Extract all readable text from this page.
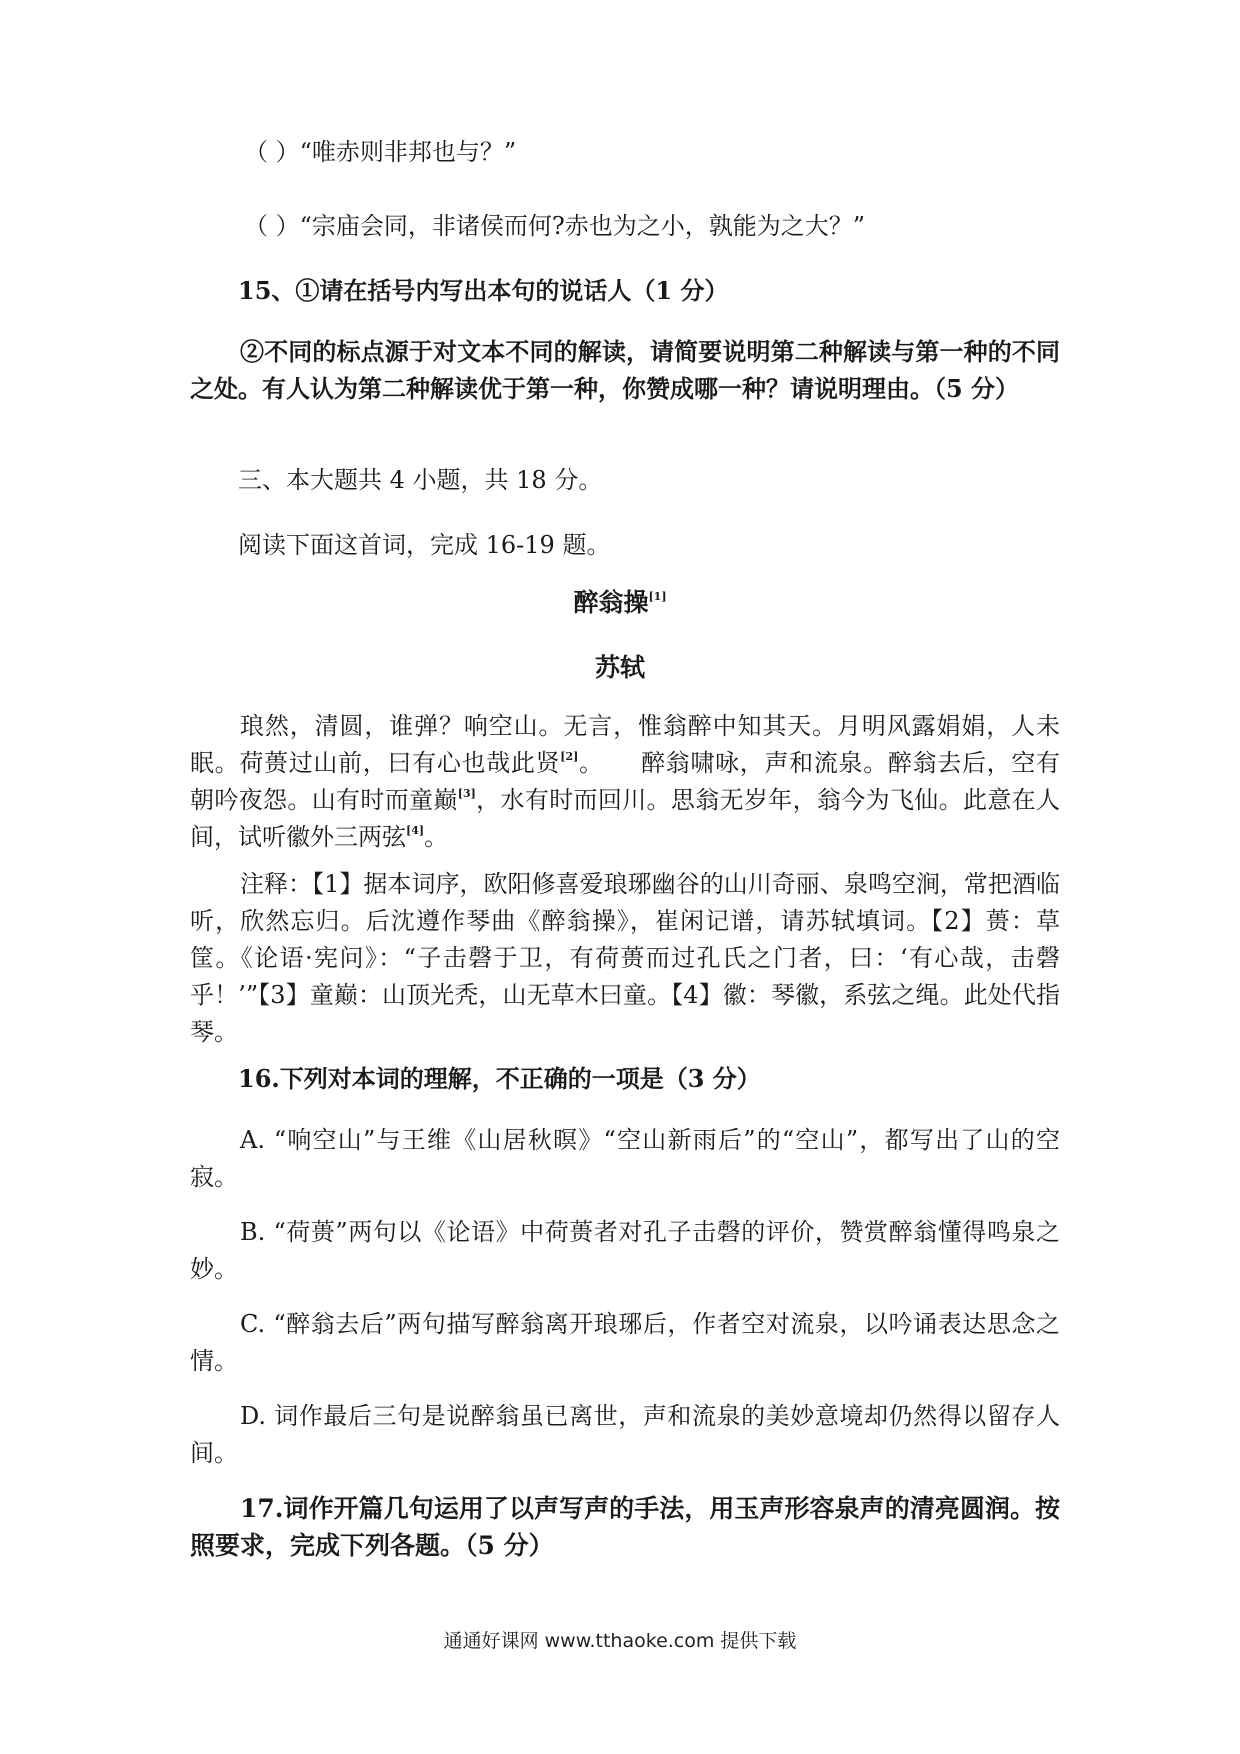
（ ）“唯赤则非邦也与？”
（ ）“宗庙会同，非诸侯而何?赤也为之小，孰能为之大？”
15、①请在括号内写出本句的说话人（1 分）
②不同的标点源于对文本不同的解读，请简要说明第二种解读与第一种的不同之处。有人认为第二种解读优于第一种，你赞成哪一种？请说明理由。（5 分）
三、本大题共 4 小题，共 18 分。
阅读下面这首词，完成 16-19 题。
醉翁操[1]
苏轼
琅然，清圆，谁弹？响空山。无言，惟翁醉中知其天。月明风露娟娟，人未眠。荷蒉过山前，曰有心也哉此贤[2]。　　醉翁啸咏，声和流泉。醉翁去后，空有朝吟夜怨。山有时而童巅[3]，水有时而回川。思翁无岁年，翁今为飞仙。此意在人间，试听徽外三两弦[4]。
注释：【1】据本词序，欧阳修喜爱琅琊幽谷的山川奇丽、泉鸣空涧，常把酒临听，欣然忘归。后沈遵作琴曲《醉翁操》，崔闲记谱，请苏轼填词。【2】蒉：草筐。《论语·宪问》：“子击磬于卫，有荷蒉而过孔氏之门者，曰：‘有心哉，击磬乎！’”【3】童巅：山顶光秃，山无草木曰童。【4】徽：琴徽，系弦之绳。此处代指琴。
16.下列对本词的理解，不正确的一项是（3 分）
A. “响空山”与王维《山居秋暝》“空山新雨后”的“空山”，都写出了山的空寂。
B. “荷蒉”两句以《论语》中荷蒉者对孔子击磬的评价，赞赏醉翁懂得鸣泉之妙。
C. “醉翁去后”两句描写醉翁离开琅琊后，作者空对流泉，以吟诵表达思念之情。
D. 词作最后三句是说醉翁虽已离世，声和流泉的美妙意境却仍然得以留存人间。
17.词作开篇几句运用了以声写声的手法，用玉声形容泉声的清亮圆润。按照要求，完成下列各题。（5 分）
通通好课网 www.tthaoke.com 提供下载
